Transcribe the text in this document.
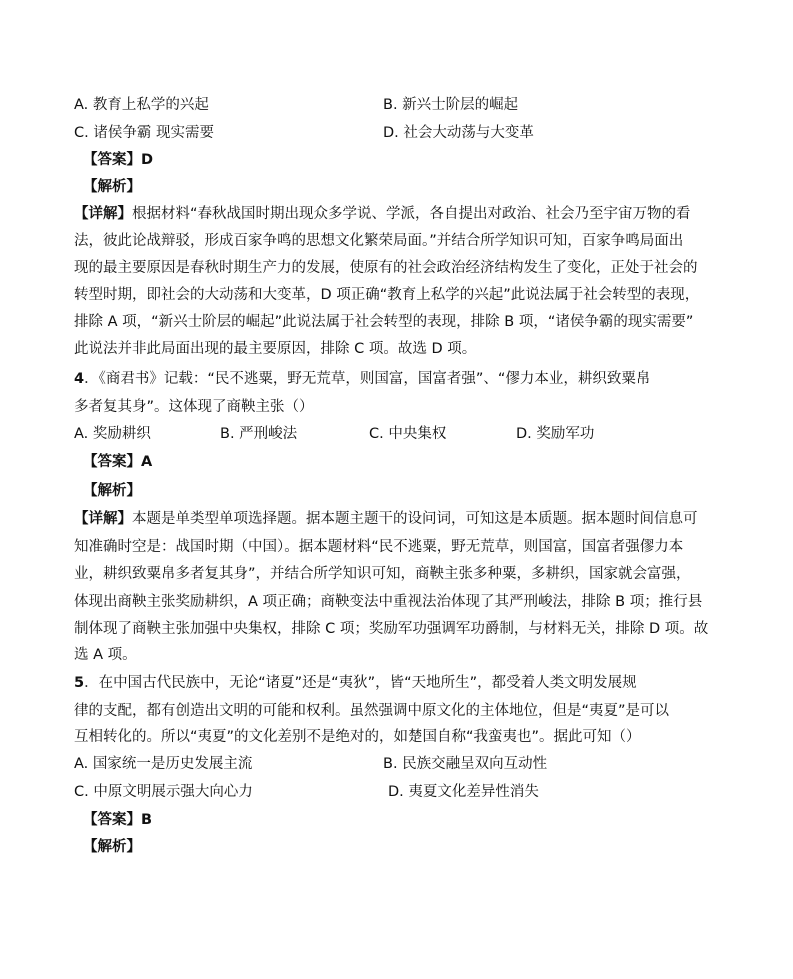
A. 教育上私学的兴起	B. 新兴士阶层的崛起
C. 诸侯争霸 现实需要	D. 社会大动荡与大变革
【答案】D
【解析】
【详解】根据材料“春秋战国时期出现众多学说、学派，各自提出对政治、社会乃至宇宙万物的看
法，彼此论战辩驳，形成百家争鸣的思想文化繁荣局面。”并结合所学知识可知，百家争鸣局面出
现的最主要原因是春秋时期生产力的发展，使原有的社会政治经济结构发生了变化，正处于社会的
转型时期，即社会的大动荡和大变革，D 项正确“教育上私学的兴起”此说法属于社会转型的表现，
排除 A 项，“新兴士阶层的崛起”此说法属于社会转型的表现，排除 B 项，“诸侯争霸的现实需要”
此说法并非此局面出现的最主要原因，排除 C 项。故选 D 项。
4．《商君书》记载：“民不逃粟，野无荒草，则国富，国富者强”、“僇力本业，耕织致粟帛
多者复其身”。这体现了商鞅主张（）
A. 奖励耕织	B. 严刑峻法	C. 中央集权	D. 奖励军功
【答案】A
【解析】
【详解】本题是单类型单项选择题。据本题主题干的设问词，可知这是本质题。据本题时间信息可
知准确时空是：战国时期（中国）。据本题材料“民不逃粟，野无荒草，则国富，国富者强僇力本
业，耕织致粟帛多者复其身”，并结合所学知识可知，商鞅主张多种粟，多耕织，国家就会富强，
体现出商鞅主张奖励耕织，A 项正确；商鞅变法中重视法治体现了其严刑峻法，排除 B 项；推行县
制体现了商鞅主张加强中央集权，排除 C 项；奖励军功强调军功爵制，与材料无关，排除 D 项。故
选 A 项。
5．在中国古代民族中，无论“诸夏”还是“夷狄”，皆“天地所生”，都受着人类文明发展规
律的支配，都有创造出文明的可能和权利。虽然强调中原文化的主体地位，但是“夷夏”是可以
互相转化的。所以“夷夏”的文化差别不是绝对的，如楚国自称“我蛮夷也”。据此可知（）
A. 国家统一是历史发展主流	B. 民族交融呈双向互动性
C. 中原文明展示强大向心力	D. 夷夏文化差异性消失
【答案】B
【解析】
